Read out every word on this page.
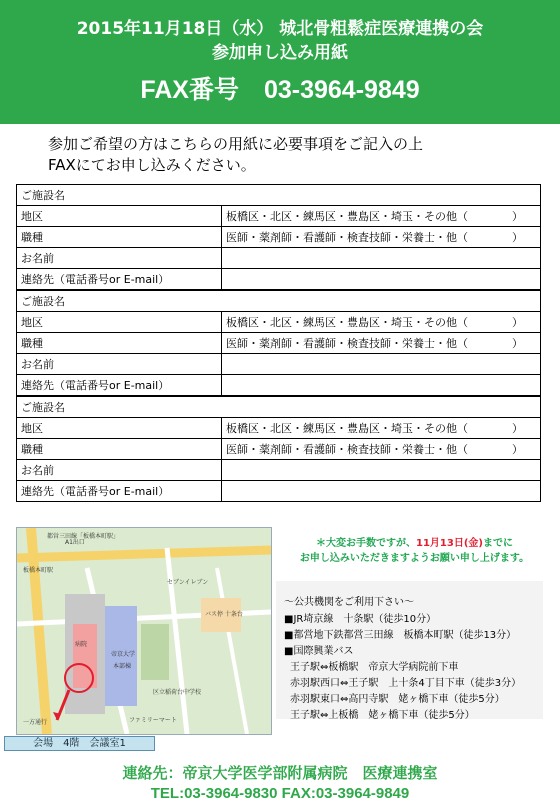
2015年11月18日（水） 城北骨粗鬆症医療連携の会
参加申し込み用紙
FAX番号　03-3964-9849
参加ご希望の方はこちらの用紙に必要事項をご記入の上
FAXにてお申し込みください。
ご施設名	
地区	板橋区・北区・練馬区・豊島区・埼玉・その他（　　　　）
職種	医師・薬剤師・看護師・検査技師・栄養士・他（　　　　）
お名前	
連絡先（電話番号or E-mail）	
ご施設名	
地区	板橋区・北区・練馬区・豊島区・埼玉・その他（　　　　）
職種	医師・薬剤師・看護師・検査技師・栄養士・他（　　　　）
お名前	
連絡先（電話番号or E-mail）	
ご施設名	
地区	板橋区・北区・練馬区・豊島区・埼玉・その他（　　　　）
職種	医師・薬剤師・看護師・検査技師・栄養士・他（　　　　）
お名前	
連絡先（電話番号or E-mail）	
帝京大学
本部棟
病院
ファミリーマート
セブンイレブン
バス停 十条台
都営三田線「板橋本町駅」
板橋本町駅
A1出口
一方通行
区立稲荷台中学校
会場　4階　会議室1
＊大変お手数ですが、11月13日(金)までに
お申し込みいただきますようお願い申し上げます。
～公共機関をご利用下さい～
■JR埼京線　十条駅（徒歩10分）
■都営地下鉄都営三田線　板橋本町駅（徒歩13分）
■国際興業バス
王子駅⇔板橋駅　帝京大学病院前下車
赤羽駅西口⇔王子駅　上十条4丁目下車（徒歩3分）
赤羽駅東口⇔高円寺駅　姥ヶ橋下車（徒歩5分）
王子駅⇔上板橋　姥ヶ橋下車（徒歩5分）
連絡先：帝京大学医学部附属病院　医療連携室
TEL:03-3964-9830 FAX:03-3964-9849
